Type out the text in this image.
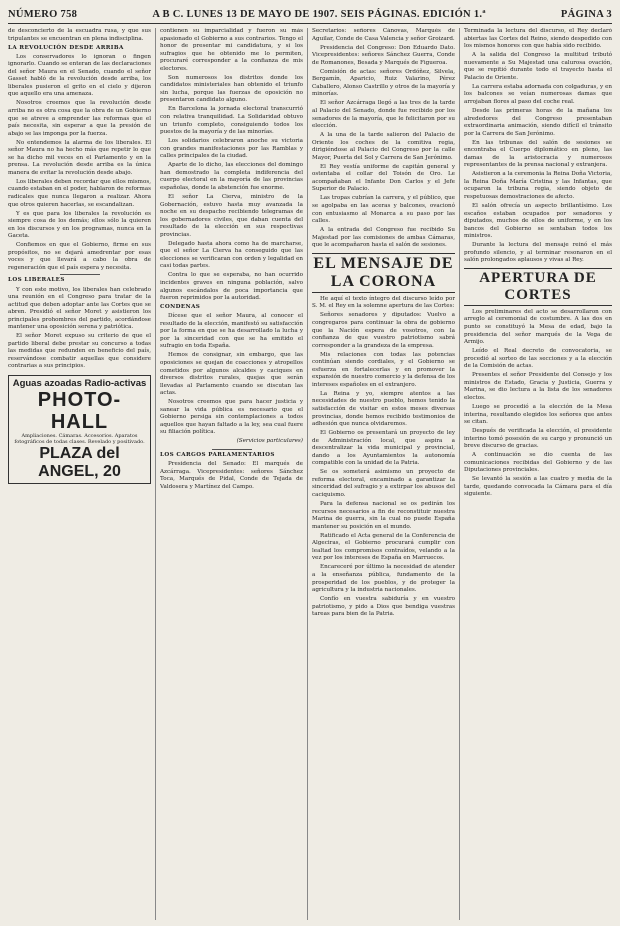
NÚMERO 758	A B C. LUNES 13 DE MAYO DE 1907. SEIS PÁGINAS. EDICIÓN 1.ª	PÁGINA 3

de desconcierto de la escuadra rusa, y que sus tripulantes se encuentran en plena indisciplina.

LA REVOLUCIÓN DESDE ARRIBA

Los conservadores lo ignoran o fingen ignorarlo. Cuando se enteran de las declaraciones del señor Maura en el Senado, cuando el señor Gasset habló de la revolución desde arriba, los liberales pusieron el grito en el cielo y dijeron que aquello era una amenaza.

Nosotros creemos que la revolución desde arriba no es otra cosa que la obra de un Gobierno que se atreve a emprender las reformas que el país necesita, sin esperar a que la presión de abajo se las imponga por la fuerza.

No entendemos la alarma de los liberales. El señor Maura no ha hecho más que repetir lo que se ha dicho mil veces en el Parlamento y en la prensa. La revolución desde arriba es la única manera de evitar la revolución desde abajo.

Los liberales deben recordar que ellos mismos, cuando estaban en el poder, hablaron de reformas radicales que nunca llegaron a realizar. Ahora que otros quieren hacerlas, se escandalizan.

Y es que para los liberales la revolución es siempre cosa de los demás; ellos sólo la quieren en los discursos y en los programas, nunca en la Gaceta.

Confiemos en que el Gobierno, firme en sus propósitos, no se dejará amedrentar por esas voces y que llevará a cabo la obra de regeneración que el país espera y necesita.

LOS LIBERALES

Y con este motivo, los liberales han celebrado una reunión en el Congreso para tratar de la actitud que deben adoptar ante las Cortes que se abren. Presidió el señor Moret y asistieron los principales prohombres del partido, acordándose mantener una oposición serena y patriótica.

El señor Moret expuso su criterio de que el partido liberal debe prestar su concurso a todas las medidas que redunden en beneficio del país, reservándose combatir aquellas que considere contrarias a sus principios.

Aguas azoadas Radio-activas
PHOTO-HALL
Ampliaciones. Cámaras. Accesorios. Aparatos fotográficos de todas clases. Revelado y positivado.
PLAZA del ANGEL, 20

contienen su imparcialidad y fueron su más apasionado el Gobierno a sus contrarios. Tengo el honor de presentar mi candidatura, y si los sufragios que he obtenido me lo permiten, procuraré corresponder a la confianza de mis electores.

Son numerosos los distritos donde los candidatos ministeriales han obtenido el triunfo sin lucha, porque las fuerzas de oposición no presentaron candidato alguno.

En Barcelona la jornada electoral transcurrió con relativa tranquilidad. La Solidaridad obtuvo un triunfo completo, consiguiendo todos los puestos de la mayoría y de las minorías.

Los solidarios celebraron anoche su victoria con grandes manifestaciones por las Ramblas y calles principales de la ciudad.

Aparte de lo dicho, las elecciones del domingo han demostrado la completa indiferencia del cuerpo electoral en la mayoría de las provincias españolas, donde la abstención fue enorme.

El señor La Cierva, ministro de la Gobernación, estuvo hasta muy avanzada la noche en su despacho recibiendo telegramas de los gobernadores civiles, que daban cuenta del resultado de la elección en sus respectivas provincias.

Delegado hasta ahora como ha de marcharse, que el señor La Cierva ha conseguido que las elecciones se verificaran con orden y legalidad en casi todas partes.

Contra lo que se esperaba, no han ocurrido incidentes graves en ninguna población, salvo algunos escándalos de poca importancia que fueron reprimidos por la autoridad.

CONDENAS

Dícese que el señor Maura, al conocer el resultado de la elección, manifestó su satisfacción por la forma en que se ha desarrollado la lucha y por la sinceridad con que se ha emitido el sufragio en toda España.

Hemos de consignar, sin embargo, que las oposiciones se quejan de coacciones y atropellos cometidos por algunos alcaldes y caciques en diversos distritos rurales, quejas que serán llevadas al Parlamento cuando se discutan las actas.

Nosotros creemos que para hacer justicia y sanear la vida pública es necesario que el Gobierno persiga sin contemplaciones a todos aquellos que hayan faltado a la ley, sea cual fuere su filiación política.

(Servicios particulares)

LOS CARGOS PARLAMENTARIOS

Presidencia del Senado: El marqués de Azcárraga. Vicepresidentes: señores Sánchez Toca, Marqués de Pidal, Conde de Tejada de Valdosera y Martínez del Campo.

Secretarios: señores Cánovas, Marqués de Aguilar, Conde de Casa Valencia y señor Groizard.

Presidencia del Congreso: Don Eduardo Dato. Vicepresidentes: señores Sánchez Guerra, Conde de Romanones, Besada y Marqués de Figueroa.

Comisión de actas: señores Ordóñez, Silvela, Bergamín, Aparicio, Ruiz Valarino, Pérez Caballero, Alonso Castrillo y otros de la mayoría y minorías.

El señor Azcárraga llegó a las tres de la tarde al Palacio del Senado, donde fue recibido por los senadores de la mayoría, que le felicitaron por su elección.

A la una de la tarde salieron del Palacio de Oriente los coches de la comitiva regia, dirigiéndose al Palacio del Congreso por la calle Mayor, Puerta del Sol y Carrera de San Jerónimo.

El Rey vestía uniforme de capitán general y ostentaba el collar del Toisón de Oro. Le acompañaban el Infante Don Carlos y el Jefe Superior de Palacio.

Las tropas cubrían la carrera, y el público, que se agolpaba en las aceras y balcones, ovacionó con entusiasmo al Monarca a su paso por las calles.

A la entrada del Congreso fue recibido Su Majestad por las comisiones de ambas Cámaras, que le acompañaron hasta el salón de sesiones.

EL MENSAJE DE LA CORONA

He aquí el texto íntegro del discurso leído por S. M. el Rey en la solemne apertura de las Cortes:

Señores senadores y diputados: Vuelvo a congregaros para continuar la obra de gobierno que la Nación espera de vosotros, con la confianza de que vuestro patriotismo sabrá corresponder a la grandeza de la empresa.

Mis relaciones con todas las potencias continúan siendo cordiales, y el Gobierno se esfuerza en fortalecerlas y en promover la expansión de nuestro comercio y la defensa de los intereses españoles en el extranjero.

La Reina y yo, siempre atentos a las necesidades de nuestro pueblo, hemos tenido la satisfacción de visitar en estos meses diversas provincias, donde hemos recibido testimonios de adhesión que nunca olvidaremos.

El Gobierno os presentará un proyecto de ley de Administración local, que aspira a descentralizar la vida municipal y provincial, dando a los Ayuntamientos la autonomía compatible con la unidad de la Patria.

Se os someterá asimismo un proyecto de reforma electoral, encaminado a garantizar la sinceridad del sufragio y a extirpar los abusos del caciquismo.

Para la defensa nacional se os pedirán los recursos necesarios a fin de reconstituir nuestra Marina de guerra, sin la cual no puede España mantener su posición en el mundo.

Ratificado el Acta general de la Conferencia de Algeciras, el Gobierno procurará cumplir con lealtad los compromisos contraídos, velando a la vez por los intereses de España en Marruecos.

Encareceré por último la necesidad de atender a la enseñanza pública, fundamento de la prosperidad de los pueblos, y de proteger la agricultura y la industria nacionales.

Confío en vuestra sabiduría y en vuestro patriotismo, y pido a Dios que bendiga vuestras tareas para bien de la Patria.

Terminada la lectura del discurso, el Rey declaró abiertas las Cortes del Reino, siendo despedido con los mismos honores con que había sido recibido.

A la salida del Congreso la multitud tributó nuevamente a Su Majestad una calurosa ovación, que se repitió durante todo el trayecto hasta el Palacio de Oriente.

La carrera estaba adornada con colgaduras, y en los balcones se veían numerosas damas que arrojaban flores al paso del coche real.

Desde las primeras horas de la mañana los alrededores del Congreso presentaban extraordinaria animación, siendo difícil el tránsito por la Carrera de San Jerónimo.

En las tribunas del salón de sesiones se encontraba el Cuerpo diplomático en pleno, las damas de la aristocracia y numerosos representantes de la prensa nacional y extranjera.

Asistieron a la ceremonia la Reina Doña Victoria, la Reina Doña María Cristina y las Infantas, que ocuparon la tribuna regia, siendo objeto de respetuosas demostraciones de afecto.

El salón ofrecía un aspecto brillantísimo. Los escaños estaban ocupados por senadores y diputados, muchos de ellos de uniforme, y en los bancos del Gobierno se sentaban todos los ministros.

Durante la lectura del mensaje reinó el más profundo silencio, y al terminar resonaron en el salón prolongados aplausos y vivas al Rey.

APERTURA DE CORTES

Los preliminares del acto se desarrollaron con arreglo al ceremonial de costumbre. A las dos en punto se constituyó la Mesa de edad, bajo la presidencia del señor marqués de la Vega de Armijo.

Leído el Real decreto de convocatoria, se procedió al sorteo de las secciones y a la elección de la Comisión de actas.

Presentes el señor Presidente del Consejo y los ministros de Estado, Gracia y Justicia, Guerra y Marina, se dio lectura a la lista de los senadores electos.

Luego se procedió a la elección de la Mesa interina, resultando elegidos los señores que antes se citan.

Después de verificada la elección, el presidente interino tomó posesión de su cargo y pronunció un breve discurso de gracias.

A continuación se dio cuenta de las comunicaciones recibidas del Gobierno y de las Diputaciones provinciales.

Se levantó la sesión a las cuatro y media de la tarde, quedando convocada la Cámara para el día siguiente.
